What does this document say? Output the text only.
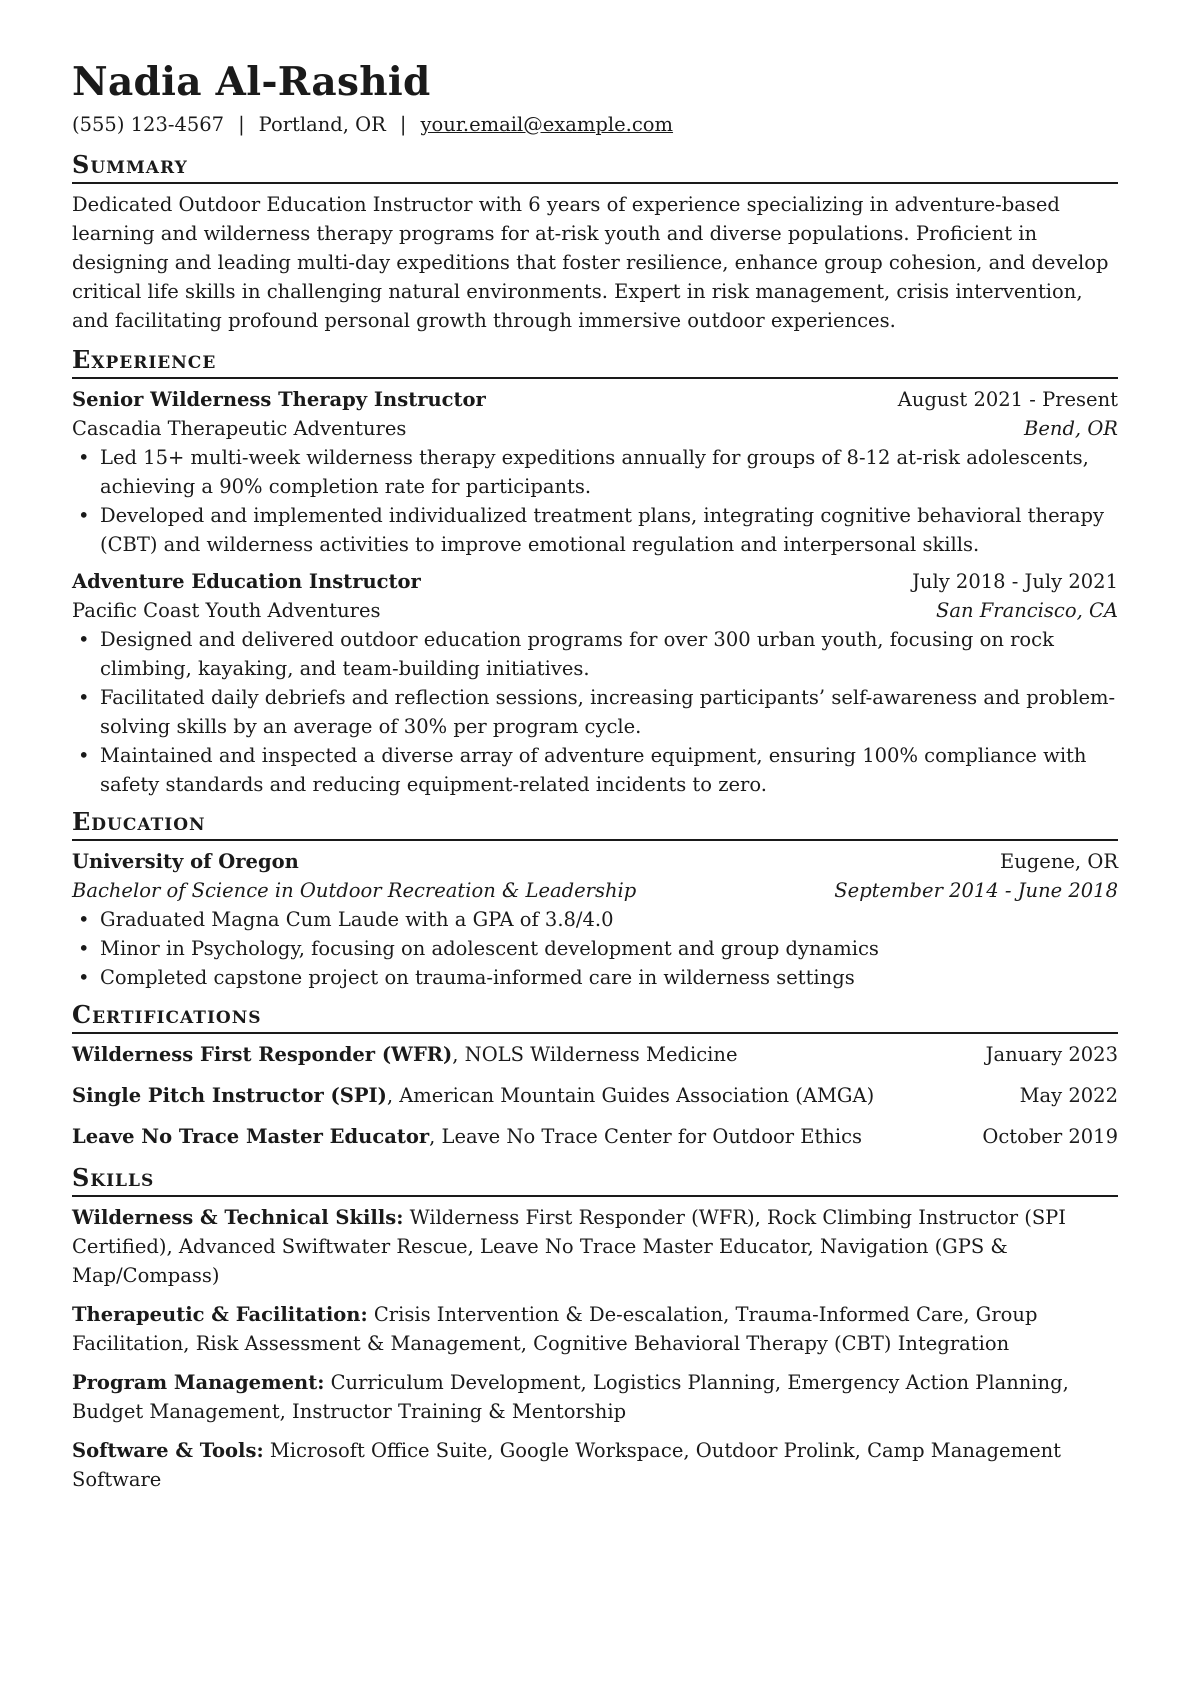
Nadia Al-Rashid
(555) 123-4567 | Portland, OR | your.email@example.com
Summary

Dedicated Outdoor Education Instructor with 6 years of experience specializing in adventure-based learning and wilderness therapy programs for at-risk youth and diverse populations. Proficient in designing and leading multi-day expeditions that foster resilience, enhance group cohesion, and develop critical life skills in challenging natural environments. Expert in risk management, crisis intervention, and facilitating profound personal growth through immersive outdoor experiences.

Experience
Senior Wilderness Therapy Instructor	August 2021 - Present
Cascadia Therapeutic Adventures	Bend, OR
• Led 15+ multi-week wilderness therapy expeditions annually for groups of 8-12 at-risk adolescents, achieving a 90% completion rate for participants.
• Developed and implemented individualized treatment plans, integrating cognitive behavioral therapy (CBT) and wilderness activities to improve emotional regulation and interpersonal skills.
Adventure Education Instructor	July 2018 - July 2021
Pacific Coast Youth Adventures	San Francisco, CA
• Designed and delivered outdoor education programs for over 300 urban youth, focusing on rock climbing, kayaking, and team-building initiatives.
• Facilitated daily debriefs and reflection sessions, increasing participants’ self-awareness and problem-solving skills by an average of 30% per program cycle.
• Maintained and inspected a diverse array of adventure equipment, ensuring 100% compliance with safety standards and reducing equipment-related incidents to zero.
Education
University of Oregon	Eugene, OR
Bachelor of Science in Outdoor Recreation & Leadership	September 2014 - June 2018
• Graduated Magna Cum Laude with a GPA of 3.8/4.0
• Minor in Psychology, focusing on adolescent development and group dynamics
• Completed capstone project on trauma-informed care in wilderness settings
Certifications
Wilderness First Responder (WFR), NOLS Wilderness Medicine	January 2023
Single Pitch Instructor (SPI), American Mountain Guides Association (AMGA)	May 2022
Leave No Trace Master Educator, Leave No Trace Center for Outdoor Ethics	October 2019
Skills
Wilderness & Technical Skills: Wilderness First Responder (WFR), Rock Climbing Instructor (SPI Certified), Advanced Swiftwater Rescue, Leave No Trace Master Educator, Navigation (GPS & Map/Compass)
Therapeutic & Facilitation: Crisis Intervention & De-escalation, Trauma-Informed Care, Group Facilitation, Risk Assessment & Management, Cognitive Behavioral Therapy (CBT) Integration
Program Management: Curriculum Development, Logistics Planning, Emergency Action Planning, Budget Management, Instructor Training & Mentorship
Software & Tools: Microsoft Office Suite, Google Workspace, Outdoor Prolink, Camp Management Software
